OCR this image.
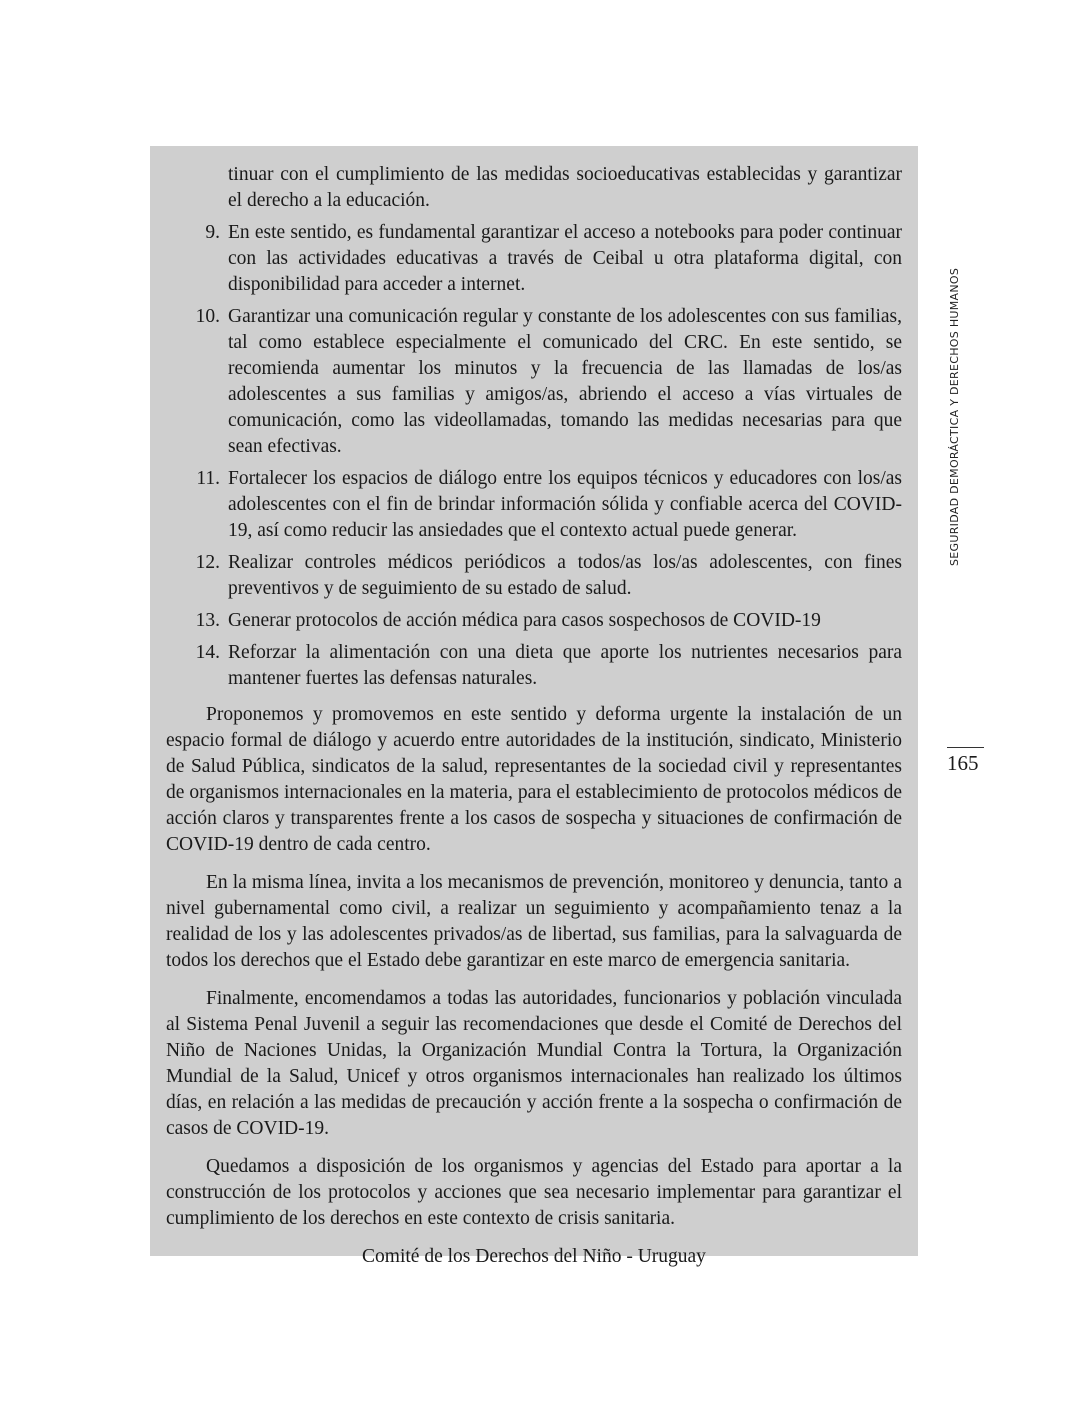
tinuar con el cumplimiento de las medidas socioeducativas establecidas y garantizar el derecho a la educación.
9. En este sentido, es fundamental garantizar el acceso a notebooks para poder continuar con las actividades educativas a través de Ceibal u otra plataforma digital, con disponibilidad para acceder a internet.
10. Garantizar una comunicación regular y constante de los adolescentes con sus familias, tal como establece especialmente el comunicado del CRC. En este sentido, se recomienda aumentar los minutos y la frecuencia de las llamadas de los/as adolescentes a sus familias y amigos/as, abriendo el acceso a vías virtuales de comunicación, como las videollamadas, tomando las medidas necesarias para que sean efectivas.
11. Fortalecer los espacios de diálogo entre los equipos técnicos y educadores con los/as adolescentes con el fin de brindar información sólida y confiable acerca del COVID-19, así como reducir las ansiedades que el contexto actual puede generar.
12. Realizar controles médicos periódicos a todos/as los/as adolescentes, con fines preventivos y de seguimiento de su estado de salud.
13. Generar protocolos de acción médica para casos sospechosos de COVID-19
14. Reforzar la alimentación con una dieta que aporte los nutrientes necesarios para mantener fuertes las defensas naturales.

Proponemos y promovemos en este sentido y deforma urgente la instalación de un espacio formal de diálogo y acuerdo entre autoridades de la institución, sindicato, Ministerio de Salud Pública, sindicatos de la salud, representantes de la sociedad civil y representantes de organismos internacionales en la materia, para el establecimiento de protocolos médicos de acción claros y transparentes frente a los casos de sospecha y situaciones de confirmación de COVID-19 dentro de cada centro.

En la misma línea, invita a los mecanismos de prevención, monitoreo y denuncia, tanto a nivel gubernamental como civil, a realizar un seguimiento y acompañamiento tenaz a la realidad de los y las adolescentes privados/as de libertad, sus familias, para la salvaguarda de todos los derechos que el Estado debe garantizar en este marco de emergencia sanitaria.

Finalmente, encomendamos a todas las autoridades, funcionarios y población vinculada al Sistema Penal Juvenil a seguir las recomendaciones que desde el Comité de Derechos del Niño de Naciones Unidas, la Organización Mundial Contra la Tortura, la Organización Mundial de la Salud, Unicef y otros organismos internacionales han realizado los últimos días, en relación a las medidas de precaución y acción frente a la sospecha o confirmación de casos de COVID-19.

Quedamos a disposición de los organismos y agencias del Estado para aportar a la construcción de los protocolos y acciones que sea necesario implementar para garantizar el cumplimiento de los derechos en este contexto de crisis sanitaria.

Comité de los Derechos del Niño - Uruguay
SEGURIDAD DEMORÁCTICA Y DERECHOS HUMANOS
165
